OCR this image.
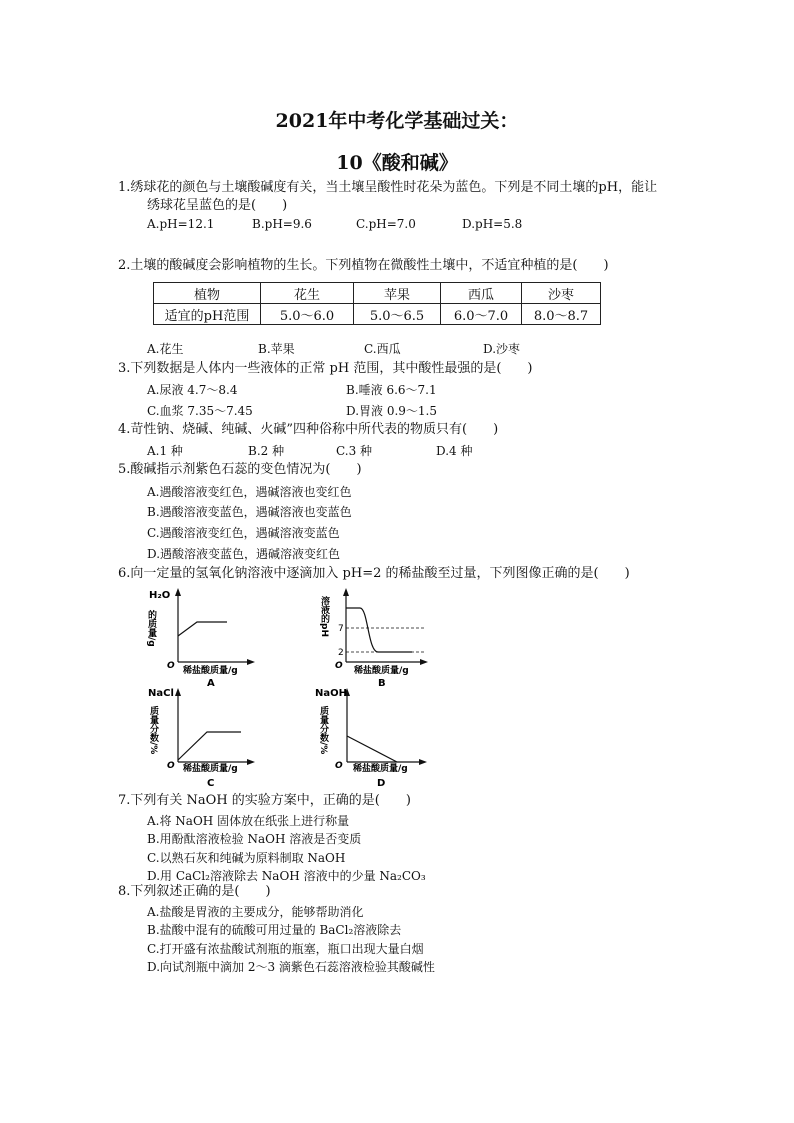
2021年中考化学基础过关：
10《酸和碱》
1.绣球花的颜色与土壤酸碱度有关，当土壤呈酸性时花朵为蓝色。下列是不同土壤的pH，能让
绣球花呈蓝色的是(　　)
A.pH=12.1	B.pH=9.6	C.pH=7.0	D.pH=5.8
2.土壤的酸碱度会影响植物的生长。下列植物在微酸性土壤中，不适宜种植的是(　　)
植物	花生	苹果	西瓜	沙枣
适宜的pH范围	5.0～6.0	5.0～6.5	6.0～7.0	8.0～8.7
A.花生	B.苹果	C.西瓜	D.沙枣
3.下列数据是人体内一些液体的正常 pH 范围，其中酸性最强的是(　　)
A.尿液 4.7～8.4	B.唾液 6.6～7.1
C.血浆 7.35～7.45	D.胃液 0.9～1.5
4.苛性钠、烧碱、纯碱、火碱”四种俗称中所代表的物质只有(　　)
A.1 种	B.2 种	C.3 种	D.4 种
5.酸碱指示剂紫色石蕊的变色情况为(　　)
A.遇酸溶液变红色，遇碱溶液也变红色
B.遇酸溶液变蓝色，遇碱溶液也变蓝色
C.遇酸溶液变红色，遇碱溶液变蓝色
D.遇酸溶液变蓝色，遇碱溶液变红色
6.向一定量的氢氧化钠溶液中逐滴加入 pH=2 的稀盐酸至过量，下列图像正确的是(　　)
H₂O
的质量/g
O 稀盐酸质量/g
A
溶液的pH 7
2
O 稀盐酸质量/g
B
NaCl
质量分数/%
O 稀盐酸质量/g
C
NaOH
质量分数/%
O 稀盐酸质量/g
D
7.下列有关 NaOH 的实验方案中，正确的是(　　)
A.将 NaOH 固体放在纸张上进行称量
B.用酚酞溶液检验 NaOH 溶液是否变质
C.以熟石灰和纯碱为原料制取 NaOH
D.用 CaCl₂溶液除去 NaOH 溶液中的少量 Na₂CO₃
8.下列叙述正确的是(　　)
A.盐酸是胃液的主要成分，能够帮助消化
B.盐酸中混有的硫酸可用过量的 BaCl₂溶液除去
C.打开盛有浓盐酸试剂瓶的瓶塞，瓶口出现大量白烟
D.向试剂瓶中滴加 2～3 滴紫色石蕊溶液检验其酸碱性
